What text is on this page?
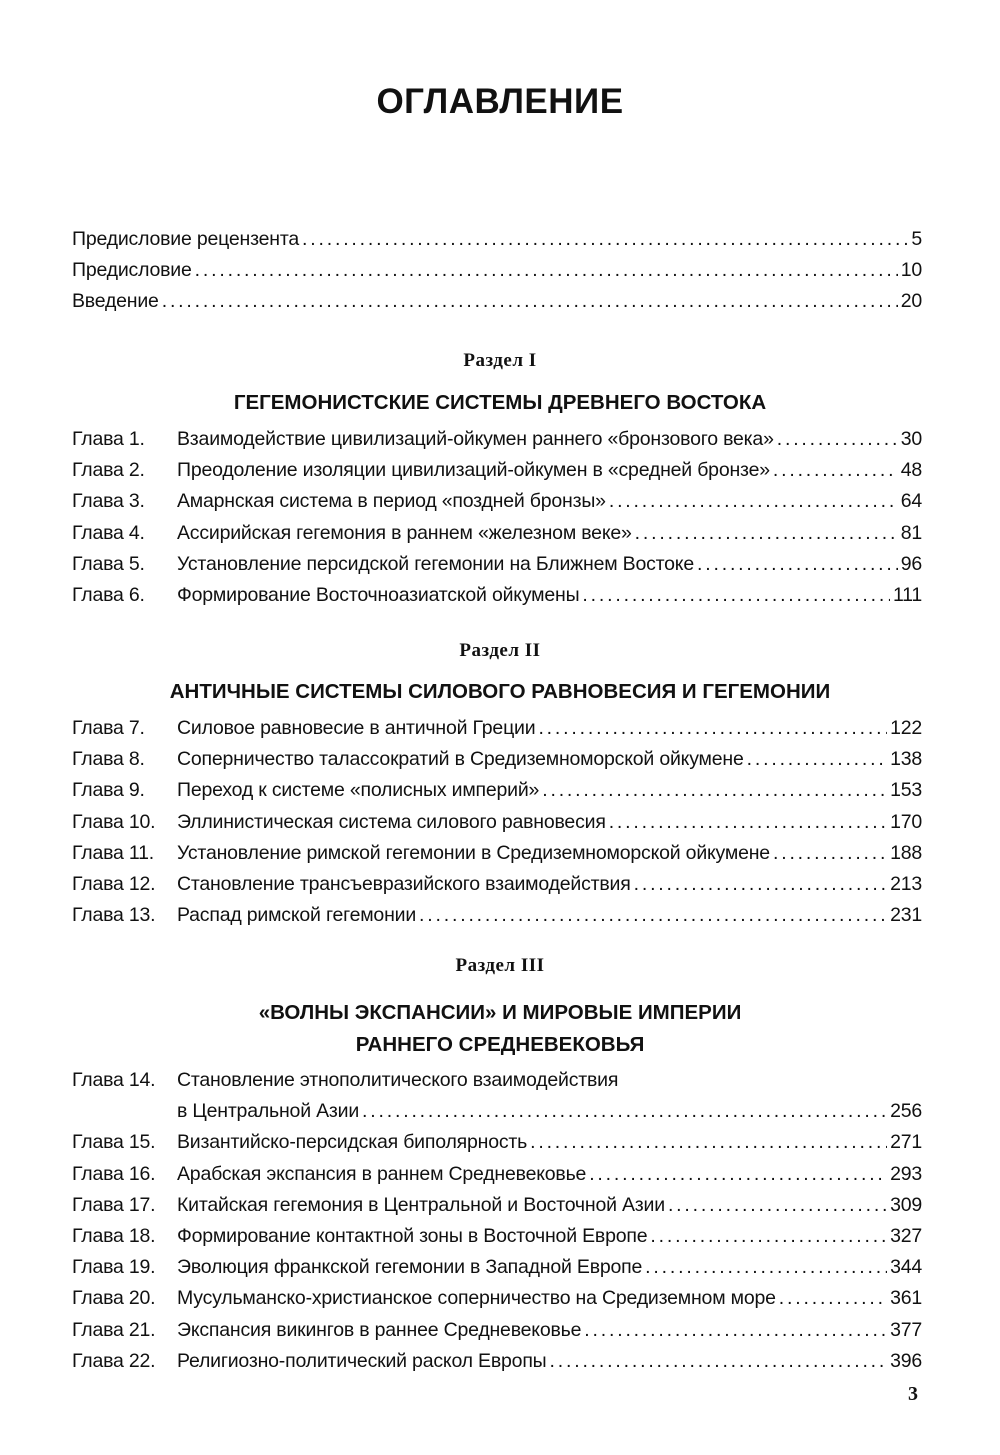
ОГЛАВЛЕНИЕ
Предисловие рецензента . . .	5
Предисловие . . .	10
Введение . . .	20
Раздел I
ГЕГЕМОНИСТСКИЕ СИСТЕМЫ ДРЕВНЕГО ВОСТОКА
Глава 1.	Взаимодействие цивилизаций-ойкумен раннего «бронзового века» . . .	30
Глава 2.	Преодоление изоляции цивилизаций-ойкумен в «средней бронзе» . . .	48
Глава 3.	Амарнская система в период «поздней бронзы» . . .	64
Глава 4.	Ассирийская гегемония в раннем «железном веке» . . .	81
Глава 5.	Установление персидской гегемонии на Ближнем Востоке . . .	96
Глава 6.	Формирование Восточноазиатской ойкумены . . .	111
Раздел II
АНТИЧНЫЕ СИСТЕМЫ СИЛОВОГО РАВНОВЕСИЯ И ГЕГЕМОНИИ
Глава 7.	Силовое равновесие в античной Греции . . .	122
Глава 8.	Соперничество талассократий в Средиземноморской ойкумене . . .	138
Глава 9.	Переход к системе «полисных империй» . . .	153
Глава 10.	Эллинистическая система силового равновесия . . .	170
Глава 11.	Установление римской гегемонии в Средиземноморской ойкумене . . .	188
Глава 12.	Становление трансъевразийского взаимодействия . . .	213
Глава 13.	Распад римской гегемонии . . .	231
Раздел III
«ВОЛНЫ ЭКСПАНСИИ» И МИРОВЫЕ ИМПЕРИИ
РАННЕГО СРЕДНЕВЕКОВЬЯ
Глава 14.	Становление этнополитического взаимодействия
в Центральной Азии . . .	256
Глава 15.	Византийско-персидская биполярность . . .	271
Глава 16.	Арабская экспансия в раннем Средневековье . . .	293
Глава 17.	Китайская гегемония в Центральной и Восточной Азии . . .	309
Глава 18.	Формирование контактной зоны в Восточной Европе . . .	327
Глава 19.	Эволюция франкской гегемонии в Западной Европе . . .	344
Глава 20.	Мусульманско-христианское соперничество на Средиземном море . . .	361
Глава 21.	Экспансия викингов в раннее Средневековье . . .	377
Глава 22.	Религиозно-политический раскол Европы . . .	396
3
